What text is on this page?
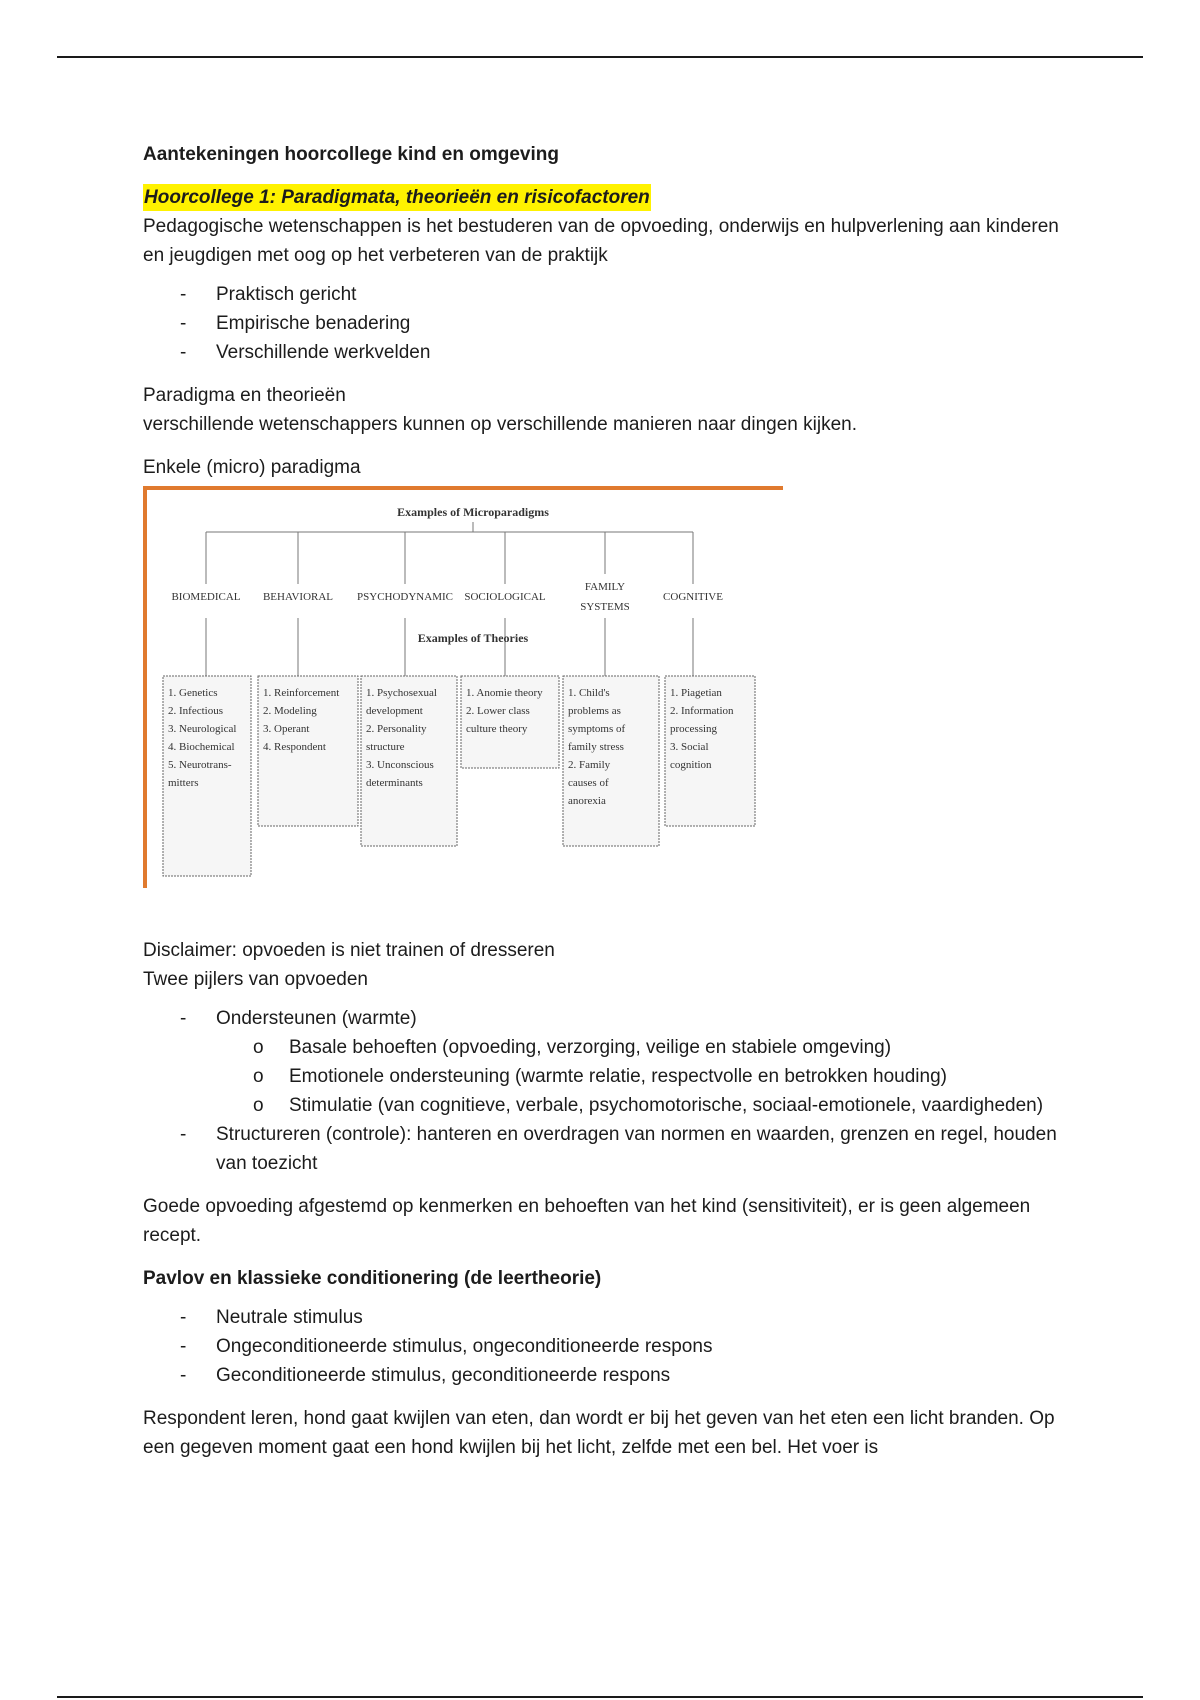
Aantekeningen hoorcollege kind en omgeving

Hoorcollege 1: Paradigmata, theorieën en risicofactoren

Pedagogische wetenschappen is het bestuderen van de opvoeding, onderwijs en hulpverlening aan kinderen en jeugdigen met oog op het verbeteren van de praktijk

- Praktisch gericht
- Empirische benadering
- Verschillende werkvelden

Paradigma en theorieën

verschillende wetenschappers kunnen op verschillende manieren naar dingen kijken.

Enkele (micro) paradigma

Examples of Microparadigms
BIOMEDICAL
1. Genetics
2. Infectious
3. Neurological
4. Biochemical
5. Neurotrans-
mitters
BEHAVIORAL
1. Reinforcement
2. Modeling
3. Operant
4. Respondent
PSYCHODYNAMIC
1. Psychosexual
development
2. Personality
structure
3. Unconscious
determinants
SOCIOLOGICAL
1. Anomie theory
2. Lower class
culture theory
FAMILY
SYSTEMS
1. Child's
problems as
symptoms of
family stress
2. Family
causes of
anorexia
COGNITIVE
1. Piagetian
2. Information
processing
3. Social
cognition
Examples of Theories

Disclaimer: opvoeden is niet trainen of dresseren

Twee pijlers van opvoeden

- Ondersteunen (warmte)
o Basale behoeften (opvoeding, verzorging, veilige en stabiele omgeving)
o Emotionele ondersteuning (warmte relatie, respectvolle en betrokken houding)
o Stimulatie (van cognitieve, verbale, psychomotorische, sociaal-emotionele, vaardigheden)
- Structureren (controle): hanteren en overdragen van normen en waarden, grenzen en regel, houden van toezicht

Goede opvoeding afgestemd op kenmerken en behoeften van het kind (sensitiviteit), er is geen algemeen recept.

Pavlov en klassieke conditionering (de leertheorie)

- Neutrale stimulus
- Ongeconditioneerde stimulus, ongeconditioneerde respons
- Geconditioneerde stimulus, geconditioneerde respons

Respondent leren, hond gaat kwijlen van eten, dan wordt er bij het geven van het eten een licht branden. Op een gegeven moment gaat een hond kwijlen bij het licht, zelfde met een bel. Het voer is
